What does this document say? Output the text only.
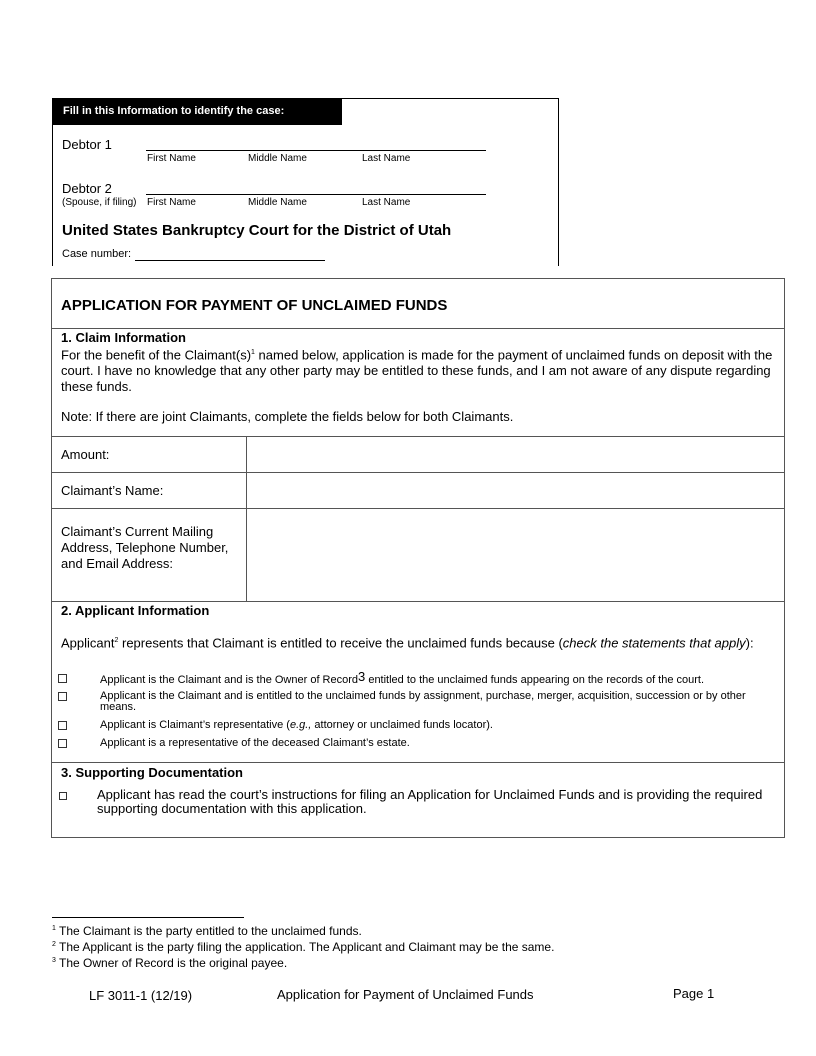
Fill in this Information to identify the case:
Debtor 1
First Name	Middle Name	Last Name
Debtor 2
(Spouse, if filing) First Name	Middle Name	Last Name
United States Bankruptcy Court for the District of Utah
Case number:
APPLICATION FOR PAYMENT OF UNCLAIMED FUNDS
1. Claim Information
For the benefit of the $Claimant(s)^1$ named below, application is made for the payment of unclaimed funds on deposit with the court. I have no knowledge that any other party may be entitled to these funds, and I am not aware of any dispute regarding these funds.
Note: If there are joint Claimants, complete the fields below for both Claimants.
Amount:
Claimant’s Name:
Claimant’s Current Mailing Address, Telephone Number, and Email Address:
2. Applicant Information
Applicant$^2$ represents that Claimant is entitled to receive the unclaimed funds because (check the statements that apply):
Applicant is the Claimant and is the Owner of Record3 entitled to the unclaimed funds appearing on the records of the court.
Applicant is the Claimant and is entitled to the unclaimed funds by assignment, purchase, merger, acquisition, succession or by other means.
Applicant is Claimant’s representative (e.g., attorney or unclaimed funds locator).
Applicant is a representative of the deceased Claimant’s estate.
3. Supporting Documentation
Applicant has read the court’s instructions for filing an Application for Unclaimed Funds and is providing the required supporting documentation with this application.
$^1$ The Claimant is the party entitled to the unclaimed funds.
$^2$ The Applicant is the party filing the application. The Applicant and Claimant may be the same.
$^3$ The Owner of Record is the original payee.
LF 3011-1 (12/19)	Application for Payment of Unclaimed Funds	Page 1
